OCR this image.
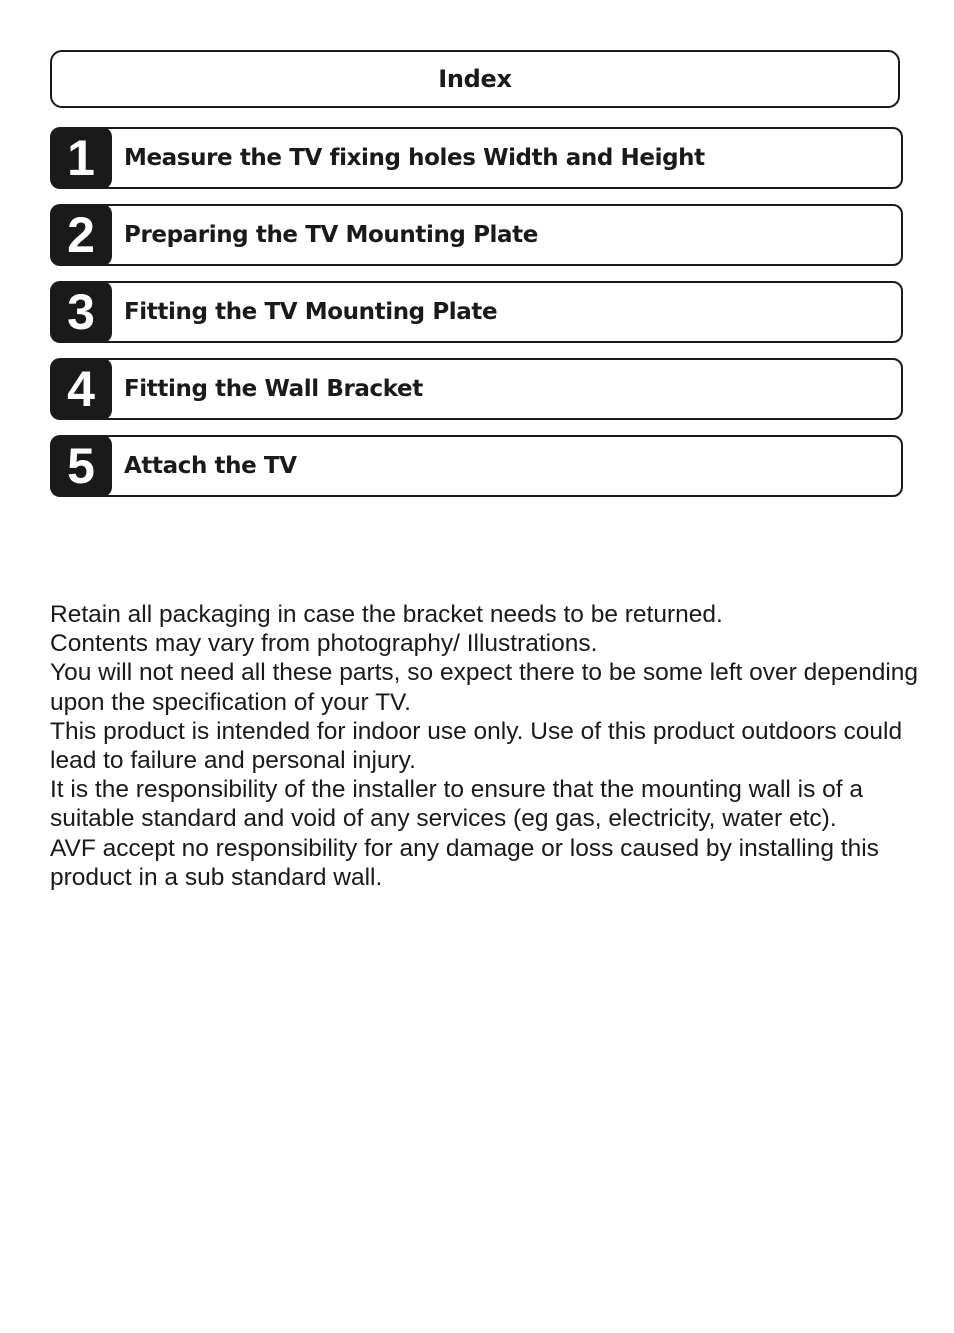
Index
1	Measure the TV fixing holes Width and Height
2	Preparing the TV Mounting Plate
3	Fitting the TV Mounting Plate
4	Fitting the Wall Bracket
5	Attach the TV

Retain all packaging in case the bracket needs to be returned.

Contents may vary from photography/ Illustrations.

You will not need all these parts, so expect there to be some left over depending upon the specification of your TV.

This product is intended for indoor use only. Use of this product outdoors could lead to failure and personal injury.

It is the responsibility of the installer to ensure that the mounting wall is of a suitable standard and void of any services (eg gas, electricity, water etc).

AVF accept no responsibility for any damage or loss caused by installing this product in a sub standard wall.
